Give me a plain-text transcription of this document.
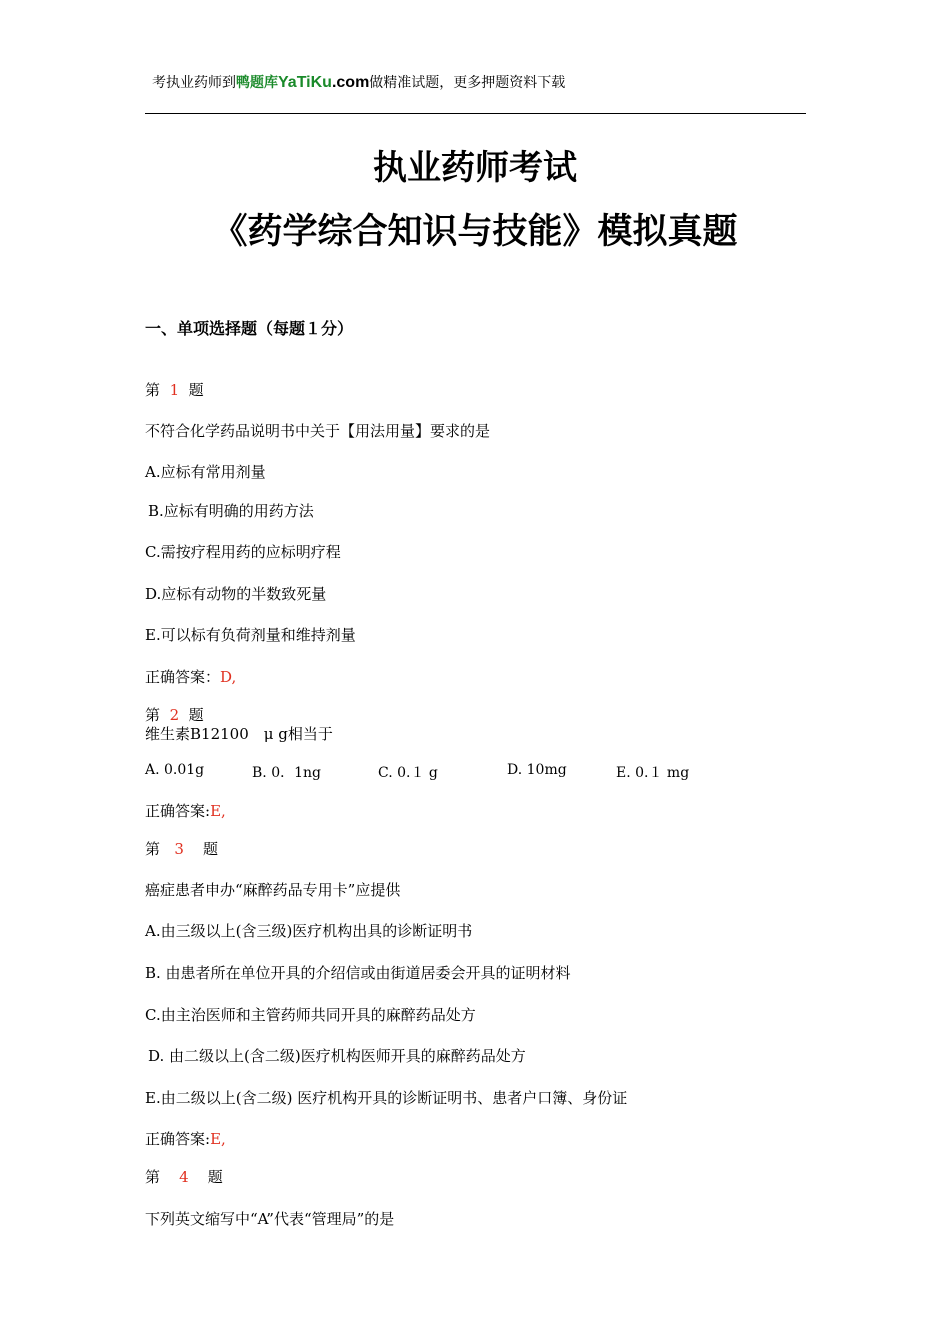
考执业药师到鸭题库YaTiKu.com做精准试题，更多押题资料下载
执业药师考试
《药学综合知识与技能》模拟真题
一、单项选择题（每题１分）
第 1 题
不符合化学药品说明书中关于【用法用量】要求的是
A.应标有常用剂量
B.应标有明确的用药方法
C.需按疗程用药的应标明疗程
D.应标有动物的半数致死量
E.可以标有负荷剂量和维持剂量
正确答案：D,
第 2 题
维生素B12100　μ g相当于
A. 0.01g	B. 0．1ng	C. 0.１ g	D. 10mg	E. 0.１ mg
正确答案:E,
第 3 题
癌症患者申办“麻醉药品专用卡”应提供
A.由三级以上(含三级)医疗机构出具的诊断证明书
B. 由患者所在单位开具的介绍信或由街道居委会开具的证明材料
C.由主治医师和主管药师共同开具的麻醉药品处方
D. 由二级以上(含二级)医疗机构医师开具的麻醉药品处方
E.由二级以上(含二级) 医疗机构开具的诊断证明书、患者户口簿、身份证
正确答案:E,
第 4 题
下列英文缩写中“A”代表“管理局”的是
